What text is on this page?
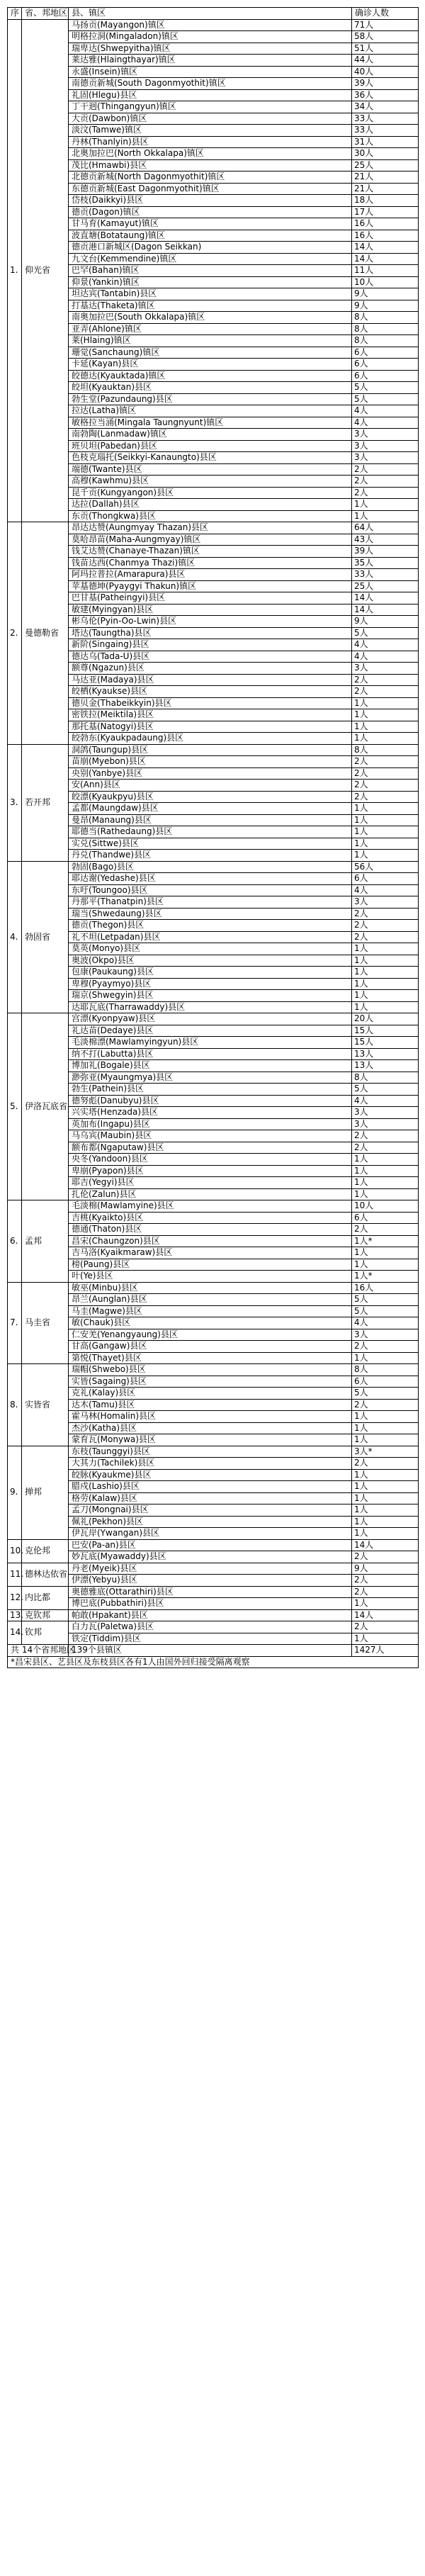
序	省、邦地区	县、镇区	确诊人数
1.	仰光省	马扬贡(Mayangon)镇区	71人
		明格拉洞(Mingaladon)镇区	58人
		瑞卑达(Shwepyitha)镇区	51人
		莱达雅(Hlaingthayar)镇区	44人
		永盛(Insein)镇区	40人
		南德贡新城(South Dagonmyothit)镇区	39人
		礼固(Hlegu)县区	36人
		丁干迥(Thingangyun)镇区	34人
		大贡(Dawbon)镇区	33人
		淡汶(Tamwe)镇区	33人
		丹林(Thanlyin)县区	31人
		北奥加拉巴(North Okkalapa)镇区	30人
		茂比(Hmawbi)县区	25人
		北德贡新城(North Dagonmyothit)镇区	21人
		东德贡新城(East Dagonmyothit)镇区	21人
		岱枝(Daikkyi)县区	18人
		德贡(Dagon)镇区	17人
		甘马育(Kamayut)镇区	16人
		波直塘(Botataung)镇区	16人
		德贡港口新城区(Dagon Seikkan)	14人
		九文台(Kemmendine)镇区	14人
		巴罕(Bahan)镇区	11人
		仰景(Yankin)镇区	10人
		坦达宾(Tantabin)县区	9人
		打基达(Thaketa)镇区	9人
		南奥加拉巴(South Okkalapa)镇区	8人
		亚弄(Ahlone)镇区	8人
		莱(Hlaing)镇区	8人
		珊觉(Sanchaung)镇区	6人
		卡延(Kayan)县区	6人
		皎德达(Kyauktada)镇区	6人
		皎坦(Kyauktan)县区	5人
		勃生堂(Pazundaung)县区	5人
		拉达(Latha)镇区	4人
		敏格拉当涌(Mingala Taungnyunt)镇区	4人
		南勃陶(Lanmadaw)镇区	3人
		班贝坦(Pabedan)县区	3人
		色枝克瑙托(Seikkyi-Kanaungto)县区	3人
		端德(Twante)县区	2人
		高穆(Kawhmu)县区	2人
		昆千贡(Kungyangon)县区	2人
		达拉(Dallah)县区	1人
		东贡(Thongkwa)县区	1人
2.	曼德勒省	昂达达赞(Aungmyay Thazan)县区	64人
		莫哈昂苗(Maha-Aungmyay)镇区	43人
		钱艾达赞(Chanaye-Thazan)镇区	39人
		钱苗达西(Chanmya Thazi)镇区	35人
		阿玛拉普拉(Amarapura)县区	33人
		苹基德坤(Pyaygyi Thakun)镇区	25人
		巴甘基(Patheingyi)县区	14人
		敏建(Myingyan)县区	14人
		彬乌伦(Pyin-Oo-Lwin)县区	9人
		塔达(Taungtha)县区	5人
		新阶(Singaing)县区	4人
		德达乌(Tada-U)县区	4人
		额尊(Ngazun)县区	3人
		马达亚(Madaya)县区	2人
		皎栖(Kyaukse)县区	2人
		德贝金(Thabeikkyin)县区	1人
		密铁拉(Meiktila)县区	1人
		那托基(Natogyi)县区	1人
		皎勃东(Kyaukpadaung)县区	1人
3.	若开邦	洞鸽(Taungup)县区	8人
		苗崩(Myebon)县区	2人
		央别(Yanbye)县区	2人
		安(Ann)县区	2人
		皎漂(Kyaukpyu)县区	2人
		孟都(Maungdaw)县区	1人
		曼昂(Manaung)县区	1人
		耶德当(Rathedaung)县区	1人
		实兑(Sittwe)县区	1人
		丹兑(Thandwe)县区	1人
4.	勃固省	勃固(Bago)县区	56人
		耶达谢(Yedashe)县区	6人
		东吁(Toungoo)县区	4人
		丹那平(Thanatpin)县区	3人
		瑞当(Shwedaung)县区	2人
		德贡(Thegon)县区	2人
		礼不坦(Letpadan)县区	2人
		莫英(Monyo)县区	1人
		奥波(Okpo)县区	1人
		包康(Paukaung)县区	1人
		卑穆(Pyaymyo)县区	1人
		瑞京(Shwegyin)县区	1人
		达耶瓦底(Tharrawaddy)县区	1人
5.	伊洛瓦底省	宫漂(Kyonpyaw)县区	20人
		礼达苗(Dedaye)县区	15人
		毛淡棉漂(Mawlamyingyun)县区	15人
		纳不打(Labutta)县区	13人
		博加礼(Bogale)县区	13人
		渺弥亚(Myaungmya)县区	8人
		勃生(Pathein)县区	5人
		德努彪(Danubyu)县区	4人
		兴实塔(Henzada)县区	3人
		英加布(Ingapu)县区	3人
		马乌宾(Maubin)县区	2人
		额布都(Ngaputaw)县区	2人
		央冬(Yandoon)县区	1人
		卑崩(Pyapon)县区	1人
		耶吉(Yegyi)县区	1人
		扎伦(Zalun)县区	1人
6.	孟邦	毛淡棉(Mawlamyine)县区	10人
		吉桃(Kyaikto)县区	6人
		德通(Thaton)县区	2人
		昌宋(Chaungzon)县区	1人*
		吉马洛(Kyaikmaraw)县区	1人
		榜(Paung)县区	1人
		叶(Ye)县区	1人*
7.	马圭省	敏巫(Minbu)县区	16人
		昂兰(Aunglan)县区	5人
		马圭(Magwe)县区	5人
		敏(Chauk)县区	4人
		仁安羌(Yenangyaung)县区	3人
		甘高(Gangaw)县区	2人
		第悦(Thayet)县区	1人
8.	实皆省	瑞帽(Shwebo)县区	8人
		实皆(Sagaing)县区	6人
		克礼(Kalay)县区	5人
		达木(Tamu)县区	2人
		霍马林(Homalin)县区	1人
		杰沙(Katha)县区	1人
		蒙育瓦(Monywa)县区	1人
9.	掸邦	东枝(Taunggyi)县区	3人*
		大其力(Tachilek)县区	2人
		皎脉(Kyaukme)县区	1人
		腊戍(Lashio)县区	1人
		格劳(Kalaw)县区	1人
		孟刀(Mongnai)县区	1人
		佩礼(Pekhon)县区	1人
		伊瓦岸(Ywangan)县区	1人
10.	克伦邦	巴安(Pa-an)县区	14人
		妙瓦底(Myawaddy)县区	2人
11.	德林达依省	丹老(Myeik)县区	9人
		伊漂(Yebyu)县区	2人
12.	内比都	奥德雅底(Ottarathiri)县区	2人
		博巴底(Pubbathiri)县区	1人
13.	克钦邦	帕敢(Hpakant)县区	14人
14.	钦邦	白力瓦(Paletwa)县区	2人
		铁定(Tiddim)县区	1人
共 14个省邦地区		139个县镇区	1427人
*昌宋县区、艺县区及东枝县区各有1人由国外回归接受隔离观察			
